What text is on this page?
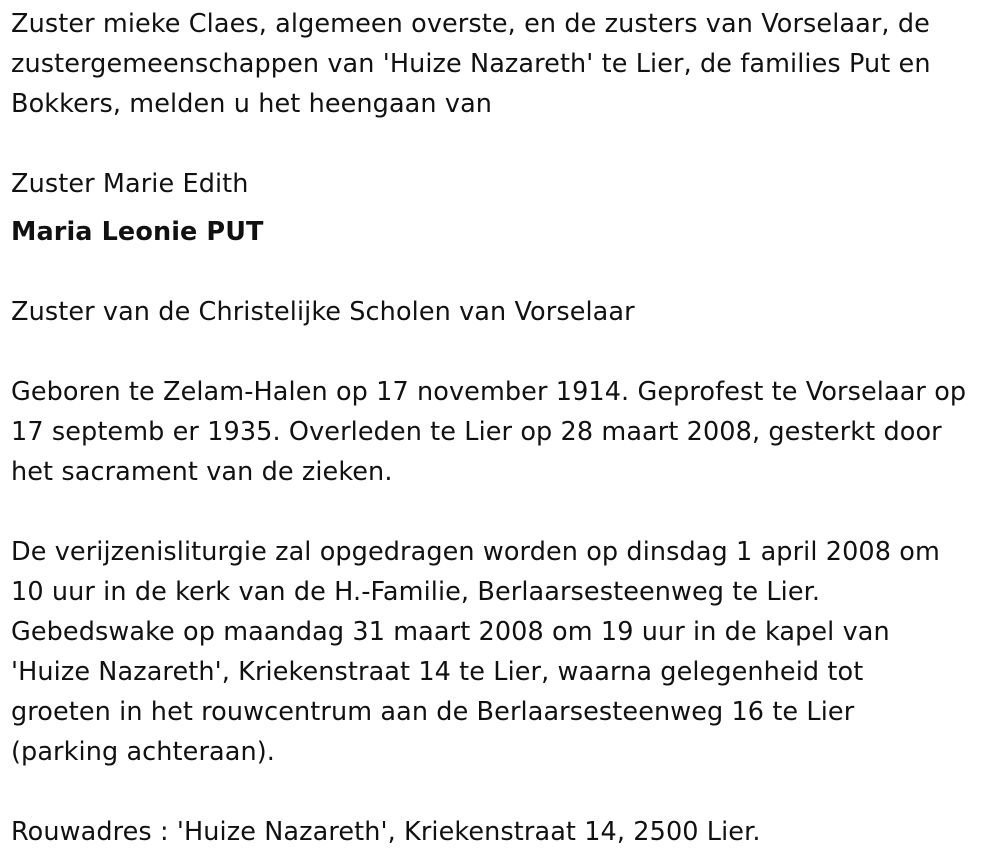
Zuster mieke Claes, algemeen overste, en de zusters van Vorselaar, de
zustergemeenschappen van 'Huize Nazareth' te Lier, de families Put en
Bokkers, melden u het heengaan van

Zuster Marie Edith

Maria Leonie PUT

Zuster van de Christelijke Scholen van Vorselaar

Geboren te Zelam-Halen op 17 november 1914. Geprofest te Vorselaar op
17 septemb er 1935. Overleden te Lier op 28 maart 2008, gesterkt door
het sacrament van de zieken.

De verijzenisliturgie zal opgedragen worden op dinsdag 1 april 2008 om
10 uur in de kerk van de H.-Familie, Berlaarsesteenweg te Lier.
Gebedswake op maandag 31 maart 2008 om 19 uur in de kapel van
'Huize Nazareth', Kriekenstraat 14 te Lier, waarna gelegenheid tot
groeten in het rouwcentrum aan de Berlaarsesteenweg 16 te Lier
(parking achteraan).

Rouwadres : 'Huize Nazareth', Kriekenstraat 14, 2500 Lier.
